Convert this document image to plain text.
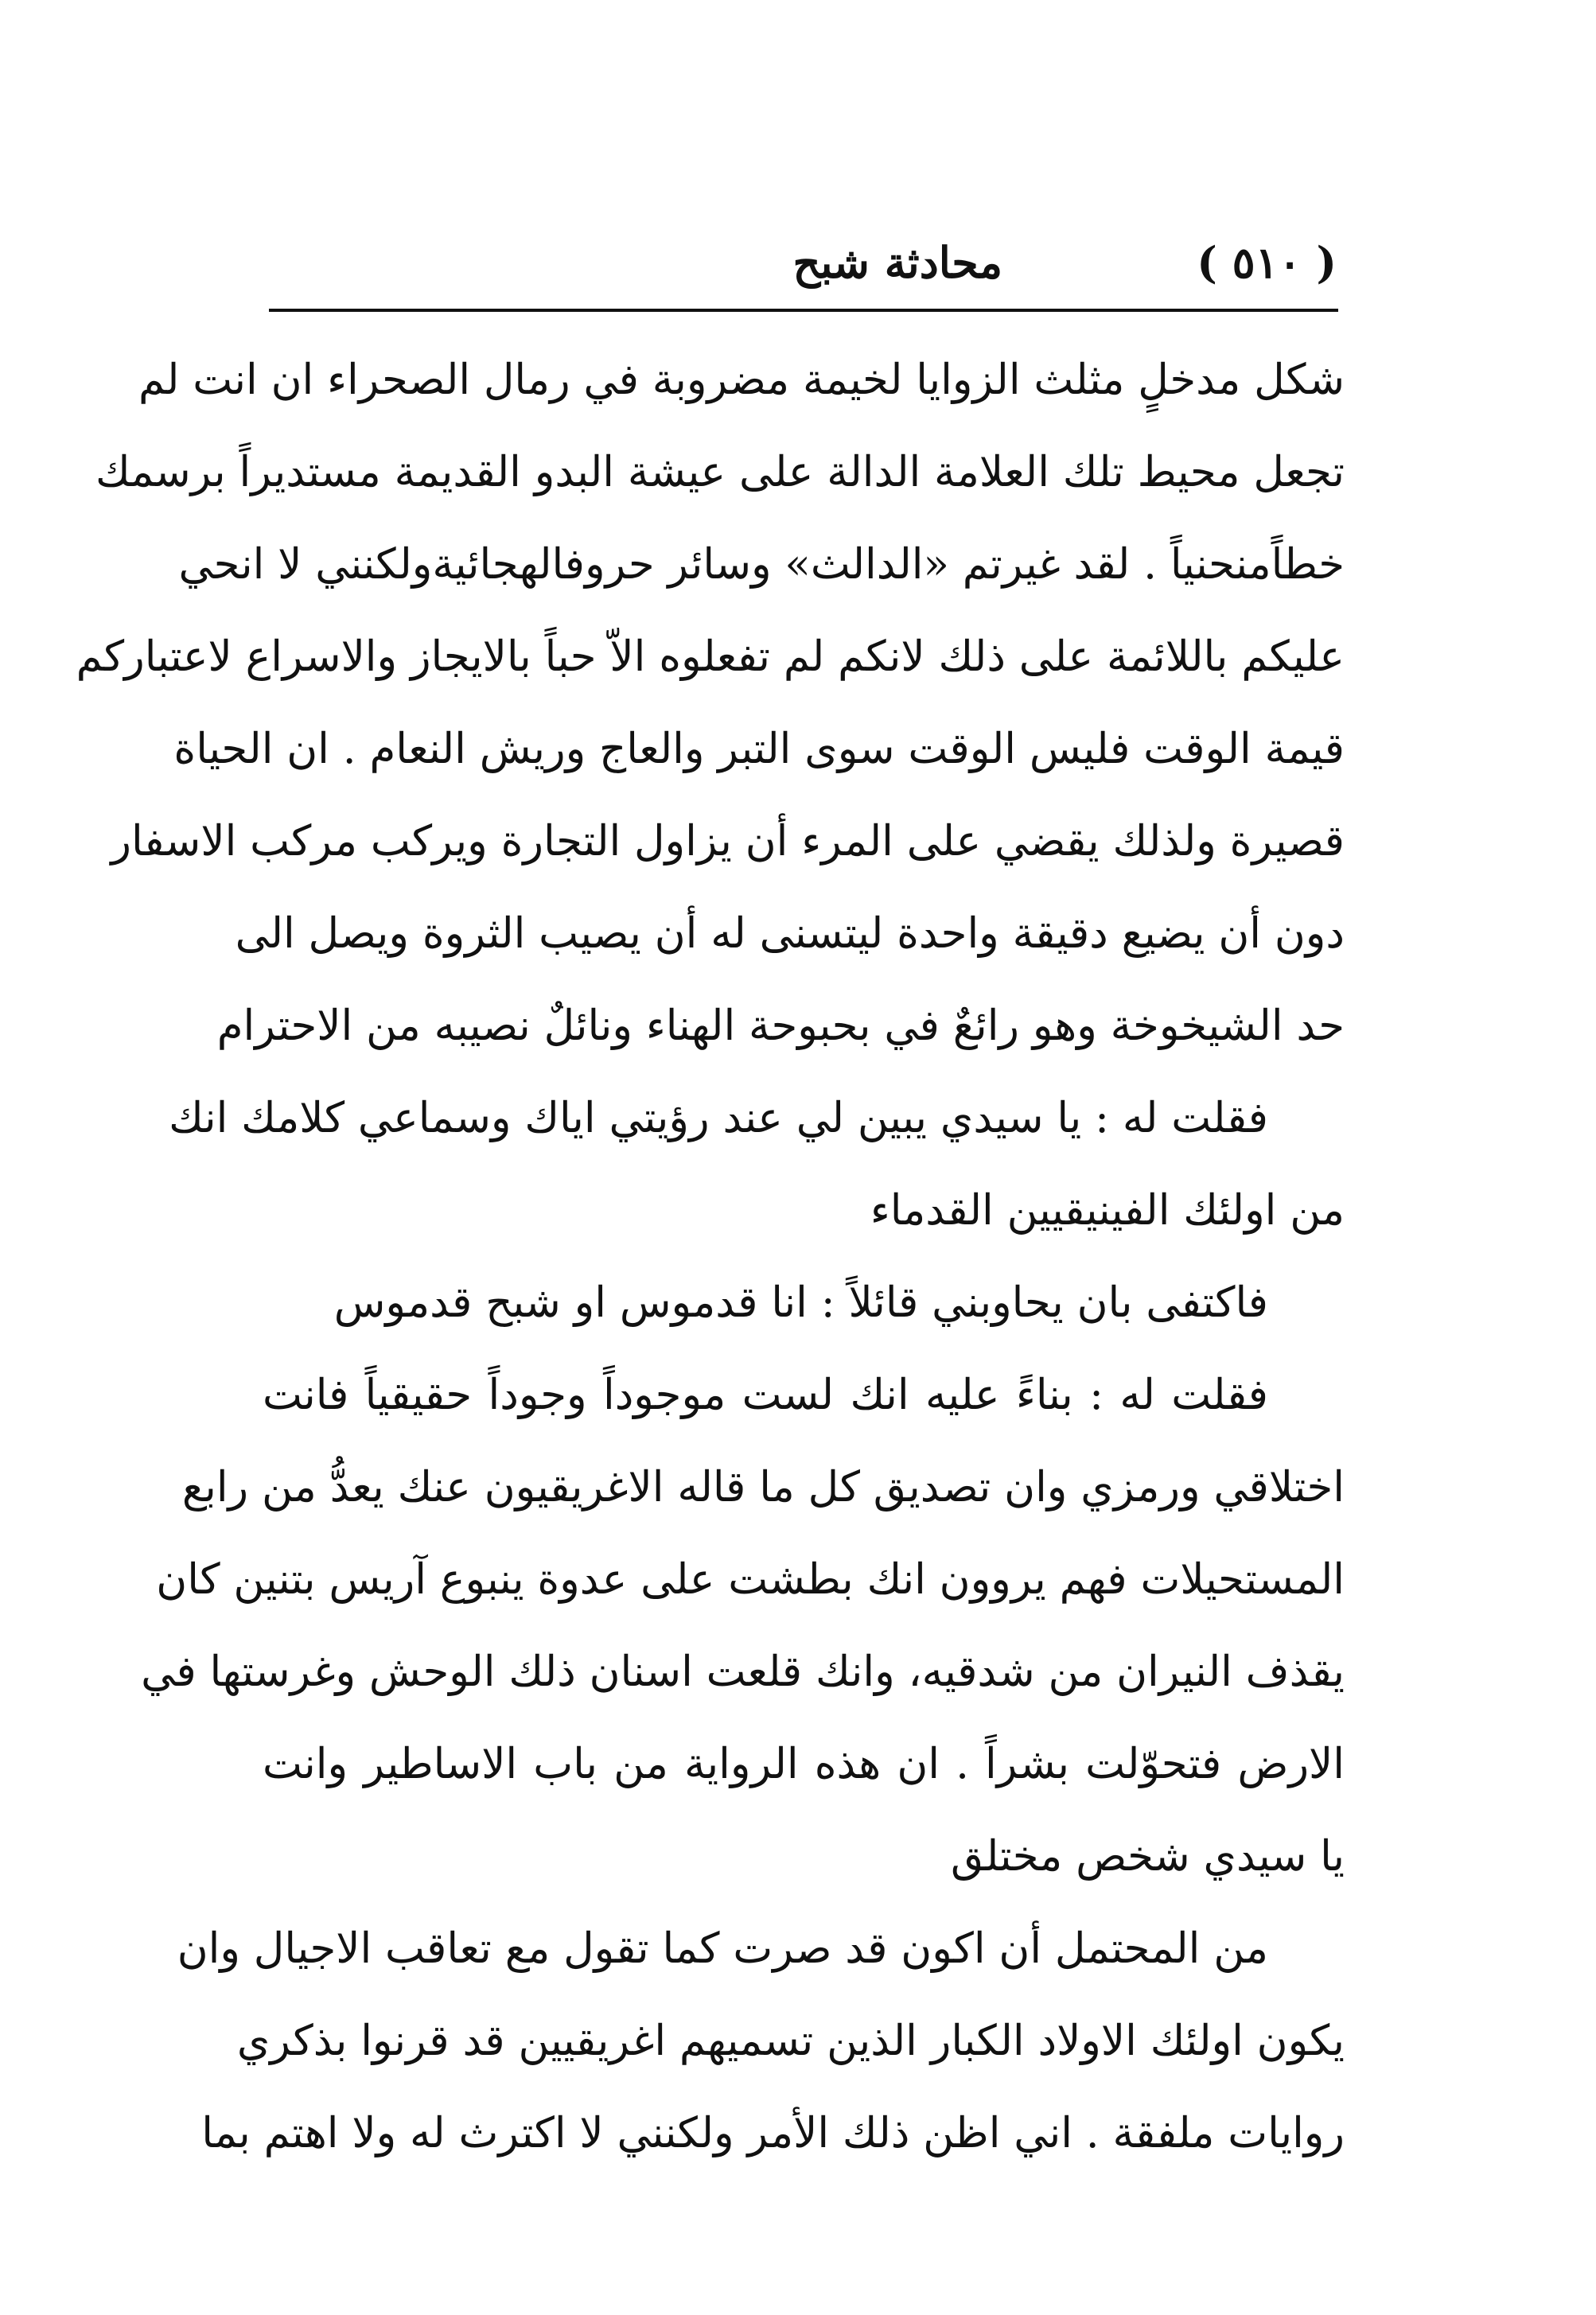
( ٥١٠ )
محادثة شبح
شكل مدخلٍ مثلث الزوايا لخيمة مضروبة في رمال الصحراء ان انت لم
تجعل محيط تلك العلامة الدالة على عيشة البدو القديمة مستديراً برسمك
خطاًمنحنياً . لقد غيرتم «الدالث» وسائر حروفالهجائيةولكنني لا انحي
عليكم باللائمة على ذلك لانكم لم تفعلوه الاّ حباً بالايجاز والاسراع لاعتباركم
قيمة الوقت فليس الوقت سوى التبر والعاج وريش النعام . ان الحياة
قصيرة ولذلك يقضي على المرء أن يزاول التجارة ويركب مركب الاسفار
دون أن يضيع دقيقة واحدة ليتسنى له أن يصيب الثروة ويصل الى
حد الشيخوخة وهو رائعٌ في بحبوحة الهناء ونائلٌ نصيبه من الاحترام
فقلت له : يا سيدي يبين لي عند رؤيتي اياك وسماعي كلامك انك
من اولئك الفينيقيين القدماء
فاكتفى بان يحاوبني قائلاً : انا قدموس او شبح قدموس
فقلت له : بناءً عليه انك لست موجوداً وجوداً حقيقياً فانت
اختلاقي ورمزي وان تصديق كل ما قاله الاغريقيون عنك يعدُّ من رابع
المستحيلات فهم يروون انك بطشت على عدوة ينبوع آريس بتنين كان
يقذف النيران من شدقيه، وانك قلعت اسنان ذلك الوحش وغرستها في
الارض فتحوّلت بشراً . ان هذه الرواية من باب الاساطير وانت
يا سيدي شخص مختلق
من المحتمل أن اكون قد صرت كما تقول مع تعاقب الاجيال وان
يكون اولئك الاولاد الكبار الذين تسميهم اغريقيين قد قرنوا بذكري
روايات ملفقة . اني اظن ذلك الأمر ولكنني لا اكترث له ولا اهتم بما
